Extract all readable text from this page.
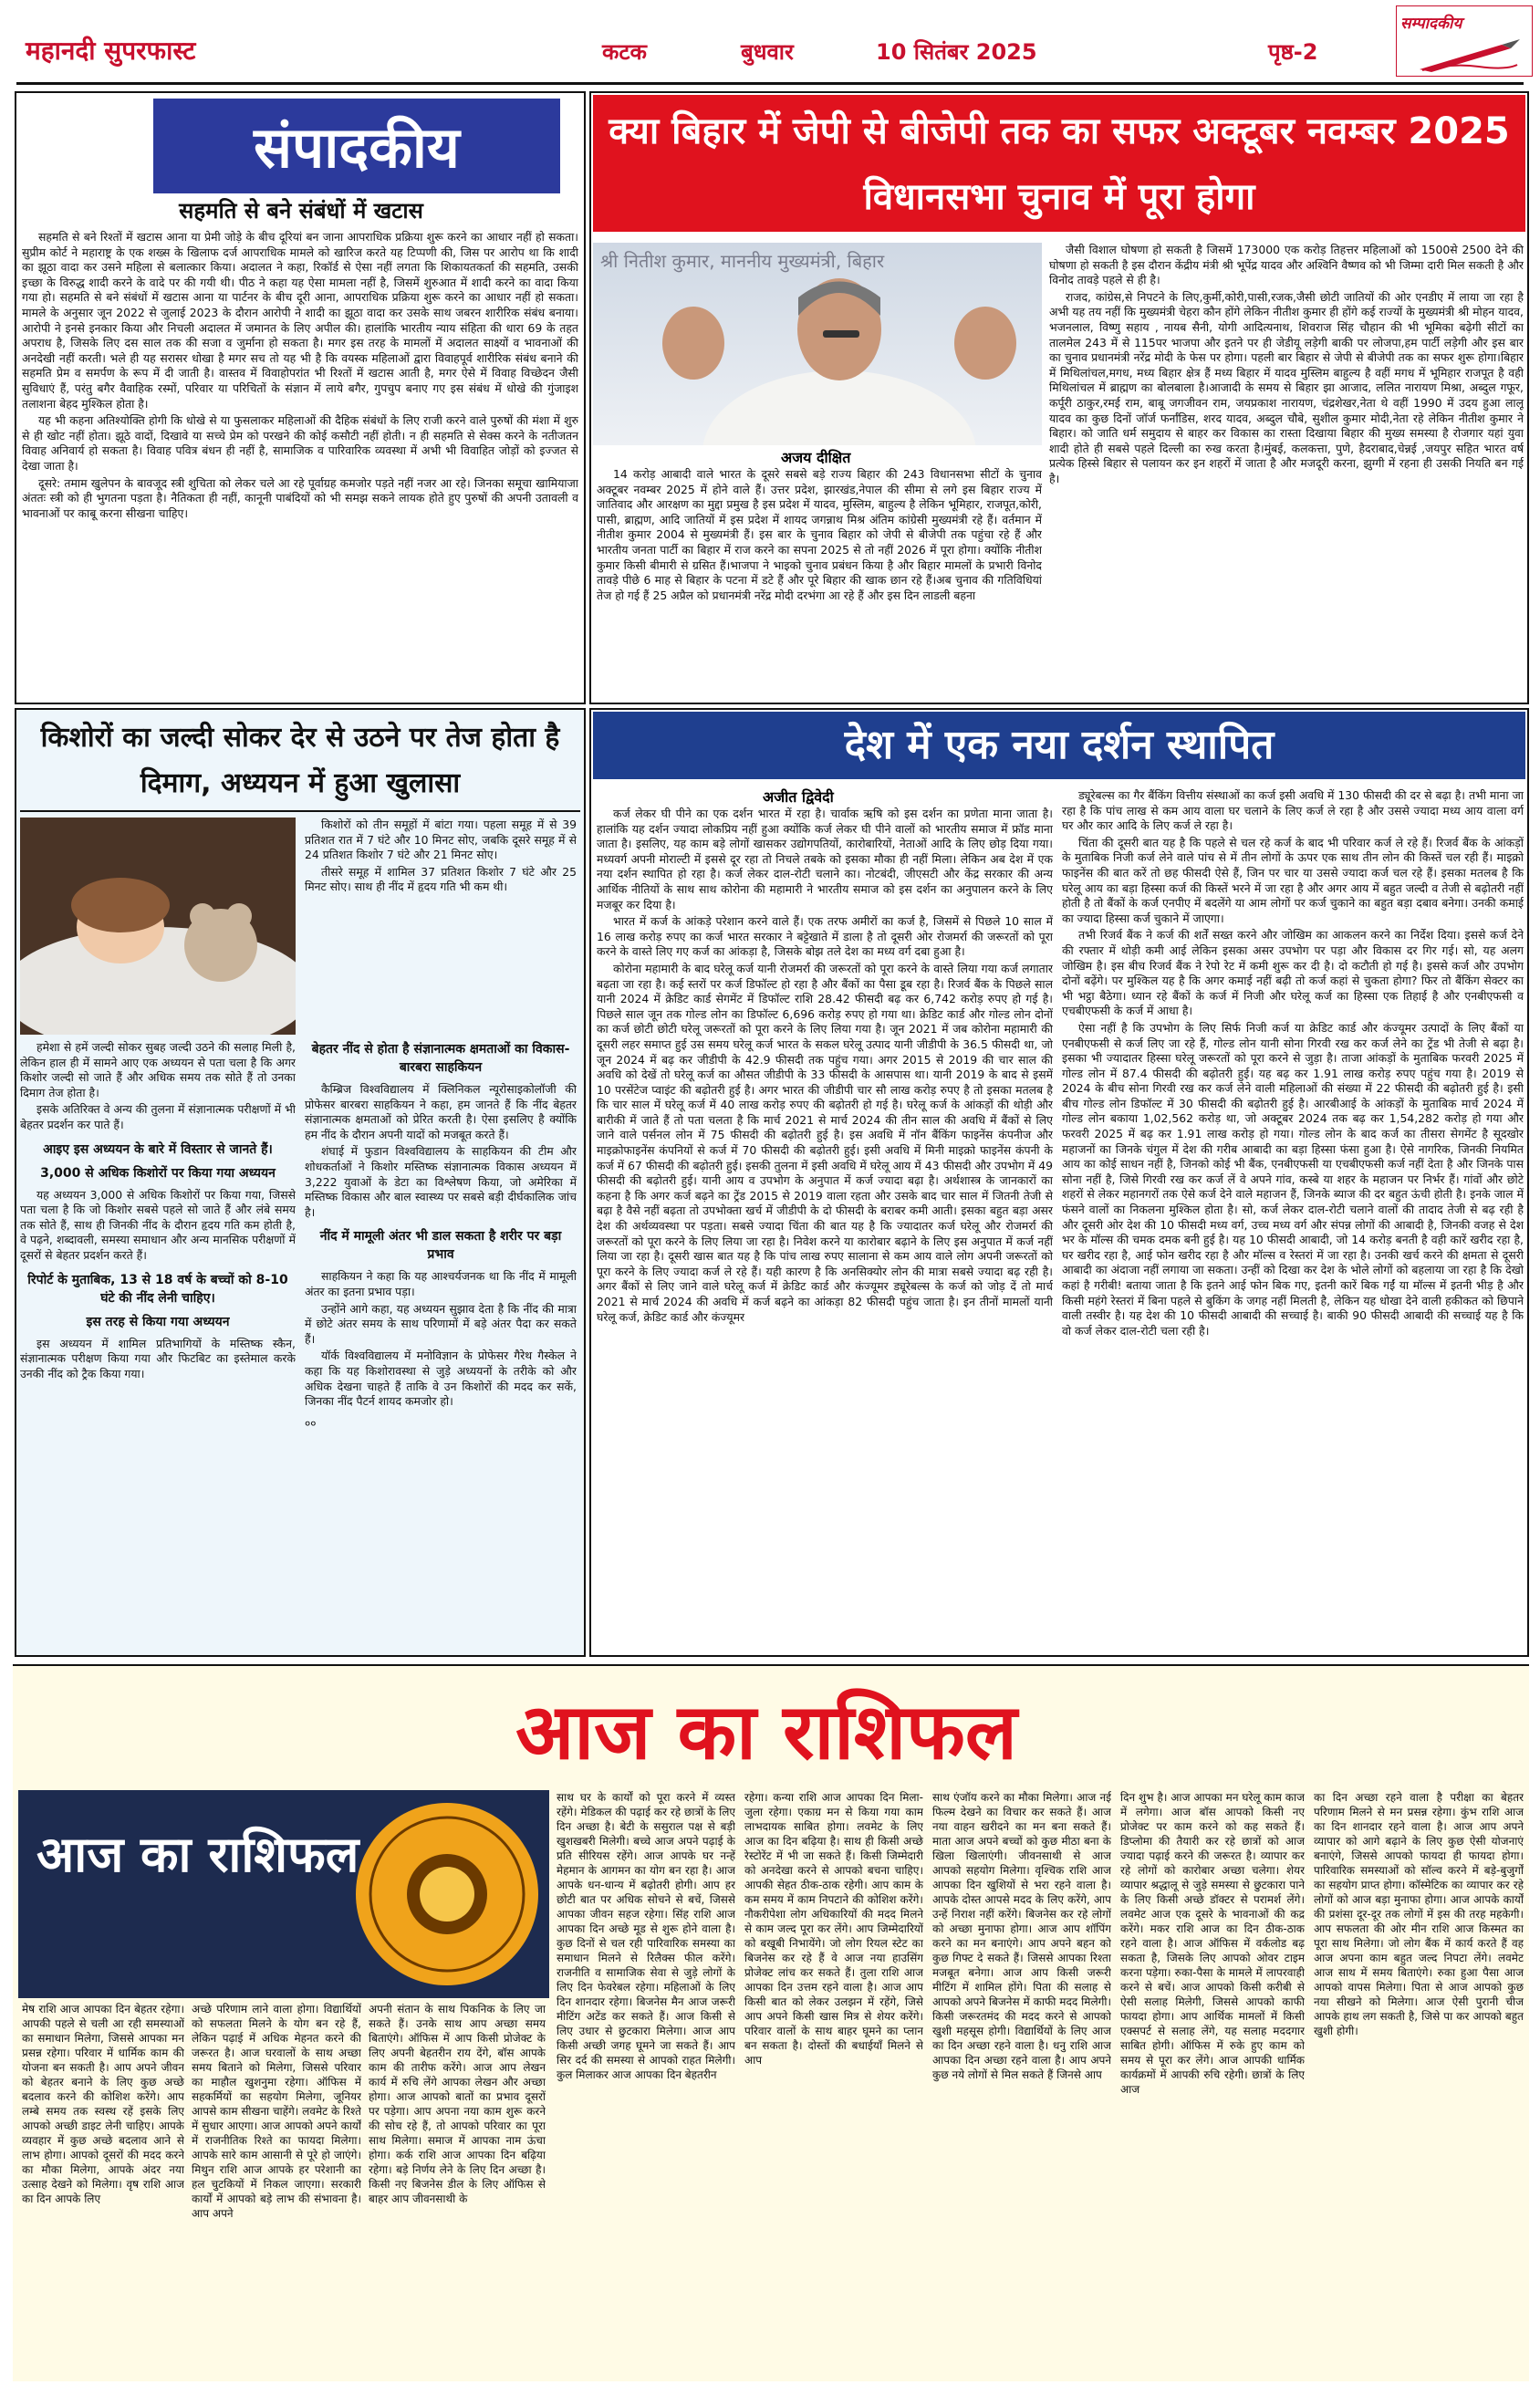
महानदी सुपरफास्ट	कटक	बुधवार	10 सितंबर 2025	पृष्ठ-2
सम्पादकीय
संपादकीय
सहमति से बने संबंधों में खटास

सहमति से बने रिश्तों में खटास आना या प्रेमी जोड़े के बीच दूरियां बन जाना आपराधिक प्रक्रिया शुरू करने का आधार नहीं हो सकता। सुप्रीम कोर्ट ने महाराष्ट्र के एक शख्स के खिलाफ दर्ज आपराधिक मामले को खारिज करते यह टिप्पणी की, जिस पर आरोप था कि शादी का झूठा वादा कर उसने महिला से बलात्कार किया। अदालत ने कहा, रिकॉर्ड से ऐसा नहीं लगता कि शिकायतकर्ता की सहमति, उसकी इच्छा के विरुद्ध शादी करने के वादे पर की गयी थी। पीठ ने कहा यह ऐसा मामला नहीं है, जिसमें शुरुआत में शादी करने का वादा किया गया हो। सहमति से बने संबंधों में खटास आना या पार्टनर के बीच दूरी आना, आपराधिक प्रक्रिया शुरू करने का आधार नहीं हो सकता। मामले के अनुसार जून 2022 से जुलाई 2023 के दौरान आरोपी ने शादी का झूठा वादा कर उसके साथ जबरन शारीरिक संबंध बनाया। आरोपी ने इनसे इनकार किया और निचली अदालत में जमानत के लिए अपील की। हालांकि भारतीय न्याय संहिता की धारा 69 के तहत अपराध है, जिसके लिए दस साल तक की सजा व जुर्माना हो सकता है। मगर इस तरह के मामलों में अदालत साक्ष्यों व भावनाओं की अनदेखी नहीं करती। भले ही यह सरासर धोखा है मगर सच तो यह भी है कि वयस्क महिलाओं द्वारा विवाहपूर्व शारीरिक संबंध बनाने की सहमति प्रेम व समर्पण के रूप में दी जाती है। वास्तव में विवाहोपरांत भी रिश्तों में खटास आती है, मगर ऐसे में विवाह विच्छेदन जैसी सुविधाएं हैं, परंतु बगैर वैवाहिक रस्मों, परिवार या परिचितों के संज्ञान में लाये बगैर, गुपचुप बनाए गए इस संबंध में धोखे की गुंजाइश तलाशना बेहद मुश्किल होता है।

यह भी कहना अतिश्योक्ति होगी कि धोखे से या फुसलाकर महिलाओं की दैहिक संबंधों के लिए राजी करने वाले पुरुषों की मंशा में शुरु से ही खोट नहीं होता। झूठे वादों, दिखावे या सच्चे प्रेम को परखने की कोई कसौटी नहीं होती। न ही सहमति से सेक्स करने के नतीजतन विवाह अनिवार्य हो सकता है। विवाह पवित्र बंधन ही नहीं है, सामाजिक व पारिवारिक व्यवस्था में अभी भी विवाहित जोड़ों को इज्जत से देखा जाता है।

दूसरे: तमाम खुलेपन के बावजूद स्त्री शुचिता को लेकर चले आ रहे पूर्वाग्रह कमजोर पड़ते नहीं नजर आ रहे। जिनका समूचा खामियाजा अंततः स्त्री को ही भुगतना पड़ता है। नैतिकता ही नहीं, कानूनी पाबंदियों को भी समझ सकने लायक होते हुए पुरुषों की अपनी उतावली व भावनाओं पर काबू करना सीखना चाहिए।

क्या बिहार में जेपी से बीजेपी तक का सफर अक्टूबर नवम्बर 2025 विधानसभा चुनाव में पूरा होगा
श्री नितीश कुमार, माननीय मुख्यमंत्री, बिहार
अजय दीक्षित

14 करोड़ आबादी वाले भारत के दूसरे सबसे बड़े राज्य बिहार की 243 विधानसभा सीटों के चुनाव अक्टूबर नवम्बर 2025 में होने वाले हैं। उत्तर प्रदेश, झारखंड,नेपाल की सीमा से लगे इस बिहार राज्य में जातिवाद और आरक्षण का मुद्दा प्रमुख है इस प्रदेश में यादव, मुस्लिम, बाहुल्य है लेकिन भूमिहार, राजपूत,कोरी, पासी, ब्राह्मण, आदि जातियों में इस प्रदेश में शायद जगन्नाथ मिश्र अंतिम कांग्रेसी मुख्यमंत्री रहे हैं। वर्तमान में नीतीश कुमार 2004 से मुख्यमंत्री हैं। इस बार के चुनाव बिहार को जेपी से बीजेपी तक पहुंचा रहे हैं और भारतीय जनता पार्टी का बिहार में राज करने का सपना 2025 से तो नहीं 2026 में पूरा होगा। क्योंकि नीतीश कुमार किसी बीमारी से ग्रसित हैं।भाजपा ने भाइको चुनाव प्रबंधन किया है और बिहार मामलों के प्रभारी विनोद तावड़े पीछे 6 माह से बिहार के पटना में डटे हैं और पूरे बिहार की खाक छान रहे हैं।अब चुनाव की गतिविधियां तेज हो गई हैं 25 अप्रैल को प्रधानमंत्री नरेंद्र मोदी दरभंगा आ रहे हैं और इस दिन लाडली बहना

जैसी विशाल घोषणा हो सकती है जिसमें 173000 एक करोड़ तिहत्तर महिलाओं को 1500से 2500 देने की घोषणा हो सकती है इस दौरान केंद्रीय मंत्री श्री भूपेंद्र यादव और अश्विनि वैष्णव को भी जिम्मा दारी मिल सकती है और विनोद तावड़े पहले से ही है।

राजद, कांग्रेस,से निपटने के लिए,कुर्मी,कोरी,पासी,रजक,जैसी छोटी जातियों की ओर एनडीए में लाया जा रहा है अभी यह तय नहीं कि मुख्यमंत्री चेहरा कौन होंगे लेकिन नीतीश कुमार ही होंगे कई राज्यों के मुख्यमंत्री श्री मोहन यादव, भजनलाल, विष्णु सहाय , नायब सैनी, योगी आदित्यनाथ, शिवराज सिंह चौहान की भी भूमिका बढ़ेगी सीटों का तालमेल 243 में से 115पर भाजपा और इतने पर ही जेडीयू लड़ेगी बाकी पर लोजपा,हम पार्टी लड़ेगी और इस बार का चुनाव प्रधानमंत्री नरेंद्र मोदी के फेस पर होगा। पहली बार बिहार से जेपी से बीजेपी तक का सफर शुरू होगा।बिहार में मिथिलांचल,मगध, मध्य बिहार क्षेत्र हैं मध्य बिहार में यादव मुस्लिम बाहुल्य है वहीं मगध में भूमिहार राजपूत है वही मिथिलांचल में ब्राह्मण का बोलबाला है।आजादी के समय से बिहार झा आजाद, ललित नारायण मिश्रा, अब्दुल गफूर, कर्पूरी ठाकुर,रमई राम, बाबू जगजीवन राम, जयप्रकाश नारायण, चंद्रशेखर,नेता थे वहीं 1990 में उदय हुआ लालू यादव का कुछ दिनों जॉर्ज फर्नांडिस, शरद यादव, अब्दुल चौबे, सुशील कुमार मोदी,नेता रहे लेकिन नीतीश कुमार ने बिहार। को जाति धर्म समुदाय से बाहर कर विकास का रास्ता दिखाया बिहार की मुख्य समस्या है रोजगार यहां युवा शादी होते ही सबसे पहले दिल्ली का रुख करता है।मुंबई, कलकत्ता, पुणे, हैदराबाद,चेन्नई ,जयपुर सहित भारत वर्ष प्रत्येक हिस्से बिहार से पलायन कर इन शहरों में जाता है और मजदूरी करना, झुग्गी में रहना ही उसकी नियति बन गई है।

किशोरों का जल्दी सोकर देर से उठने पर तेज होता है दिमाग, अध्ययन में हुआ खुलासा

किशोरों को तीन समूहों में बांटा गया। पहला समूह में से 39 प्रतिशत रात में 7 घंटे और 10 मिनट सोए, जबकि दूसरे समूह में से 24 प्रतिशत किशोर 7 घंटे और 21 मिनट सोए।

तीसरे समूह में शामिल 37 प्रतिशत किशोर 7 घंटे और 25 मिनट सोए। साथ ही नींद में हृदय गति भी कम थी।

हमेशा से हमें जल्दी सोकर सुबह जल्दी उठने की सलाह मिली है, लेकिन हाल ही में सामने आए एक अध्ययन से पता चला है कि अगर किशोर जल्दी सो जाते हैं और अधिक समय तक सोते हैं तो उनका दिमाग तेज होता है।

इसके अतिरिक्त वे अन्य की तुलना में संज्ञानात्मक परीक्षणों में भी बेहतर प्रदर्शन कर पाते हैं।

आइए इस अध्ययन के बारे में विस्तार से जानते हैं।
3,000 से अधिक किशोरों पर किया गया अध्ययन

यह अध्ययन 3,000 से अधिक किशोरों पर किया गया, जिससे पता चला है कि जो किशोर सबसे पहले सो जाते हैं और लंबे समय तक सोते हैं, साथ ही जिनकी नींद के दौरान हृदय गति कम होती है, वे पढ़ने, शब्दावली, समस्या समाधान और अन्य मानसिक परीक्षणों में दूसरों से बेहतर प्रदर्शन करते हैं।

रिपोर्ट के मुताबिक, 13 से 18 वर्ष के बच्चों को 8-10 घंटे की नींद लेनी चाहिए।
इस तरह से किया गया अध्ययन

इस अध्ययन में शामिल प्रतिभागियों के मस्तिष्क स्कैन, संज्ञानात्मक परीक्षण किया गया और फिटबिट का इस्तेमाल करके उनकी नींद को ट्रैक किया गया।

बेहतर नींद से होता है संज्ञानात्मक क्षमताओं का विकास- बारबरा साहकियन

कैम्ब्रिज विश्वविद्यालय में क्लिनिकल न्यूरोसाइकोलॉजी की प्रोफेसर बारबरा साहकियन ने कहा, हम जानते हैं कि नींद बेहतर संज्ञानात्मक क्षमताओं को प्रेरित करती है। ऐसा इसलिए है क्योंकि हम नींद के दौरान अपनी यादों को मजबूत करते हैं।

शंघाई में फुडान विश्वविद्यालय के साहकियन की टीम और शोधकर्ताओं ने किशोर मस्तिष्क संज्ञानात्मक विकास अध्ययन में 3,222 युवाओं के डेटा का विश्लेषण किया, जो अमेरिका में मस्तिष्क विकास और बाल स्वास्थ्य पर सबसे बड़ी दीर्घकालिक जांच है।

नींद में मामूली अंतर भी डाल सकता है शरीर पर बड़ा प्रभाव

साहकियन ने कहा कि यह आश्चर्यजनक था कि नींद में मामूली अंतर का इतना प्रभाव पड़ा।

उन्होंने आगे कहा, यह अध्ययन सुझाव देता है कि नींद की मात्रा में छोटे अंतर समय के साथ परिणामों में बड़े अंतर पैदा कर सकते हैं।

यॉर्क विश्वविद्यालय में मनोविज्ञान के प्रोफेसर गैरेथ गैस्केल ने कहा कि यह किशोरावस्था से जुड़े अध्ययनों के तरीके को और अधिक देखना चाहते हैं ताकि वे उन किशोरों की मदद कर सकें, जिनका नींद पैटर्न शायद कमजोर हो।

००
देश में एक नया दर्शन स्थापित
अजीत द्विवेदी

कर्ज लेकर घी पीने का एक दर्शन भारत में रहा है। चार्वाक ऋषि को इस दर्शन का प्रणेता माना जाता है। हालांकि यह दर्शन ज्यादा लोकप्रिय नहीं हुआ क्योंकि कर्ज लेकर घी पीने वालों को भारतीय समाज में फ्रॉड माना जाता है। इसलिए, यह काम बड़े लोगों खासकर उद्योगपतियों, कारोबारियों, नेताओं आदि के लिए छोड़ दिया गया। मध्यवर्ग अपनी मोराल्टी में इससे दूर रहा तो निचले तबके को इसका मौका ही नहीं मिला। लेकिन अब देश में एक नया दर्शन स्थापित हो रहा है। कर्ज लेकर दाल-रोटी चलाने का। नोटबंदी, जीएसटी और केंद्र सरकार की अन्य आर्थिक नीतियों के साथ साथ कोरोना की महामारी ने भारतीय समाज को इस दर्शन का अनुपालन करने के लिए मजबूर कर दिया है।

भारत में कर्ज के आंकड़े परेशान करने वाले हैं। एक तरफ अमीरों का कर्ज है, जिसमें से पिछले 10 साल में 16 लाख करोड़ रुपए का कर्ज भारत सरकार ने बट्टेखाते में डाला है तो दूसरी ओर रोजमर्रा की जरूरतों को पूरा करने के वास्ते लिए गए कर्ज का आंकड़ा है, जिसके बोझ तले देश का मध्य वर्ग दबा हुआ है।

कोरोना महामारी के बाद घरेलू कर्ज यानी रोजमर्रा की जरूरतों को पूरा करने के वास्ते लिया गया कर्ज लगातार बढ़ता जा रहा है। कई स्तरों पर कर्ज डिफॉल्ट हो रहा है और बैंकों का पैसा डूब रहा है। रिजर्व बैंक के पिछले साल यानी 2024 में क्रेडिट कार्ड सेगमेंट में डिफॉल्ट राशि 28.42 फीसदी बढ़ कर 6,742 करोड़ रुपए हो गई है। पिछले साल जून तक गोल्ड लोन का डिफॉल्ट 6,696 करोड़ रुपए हो गया था। क्रेडिट कार्ड और गोल्ड लोन दोनों का कर्ज छोटी छोटी घरेलू जरूरतों को पूरा करने के लिए लिया गया है। जून 2021 में जब कोरोना महामारी की दूसरी लहर समाप्त हुई उस समय घरेलू कर्ज भारत के सकल घरेलू उत्पाद यानी जीडीपी के 36.5 फीसदी था, जो जून 2024 में बढ़ कर जीडीपी के 42.9 फीसदी तक पहुंच गया। अगर 2015 से 2019 की चार साल की अवधि को देखें तो घरेलू कर्ज का औसत जीडीपी के 33 फीसदी के आसपास था। यानी 2019 के बाद से इसमें 10 परसेंटेज प्वाइंट की बढ़ोतरी हुई है। अगर भारत की जीडीपी चार सौ लाख करोड़ रुपए है तो इसका मतलब है कि चार साल में घरेलू कर्ज में 40 लाख करोड़ रुपए की बढ़ोतरी हो गई है। घरेलू कर्ज के आंकड़ों की थोड़ी और बारीकी में जाते हैं तो पता चलता है कि मार्च 2021 से मार्च 2024 की तीन साल की अवधि में बैंकों से लिए जाने वाले पर्सनल लोन में 75 फीसदी की बढ़ोतरी हुई है। इस अवधि में नॉन बैंकिंग फाइनेंस कंपनीज और माइक्रोफाइनेंस कंपनियों से कर्ज में 70 फीसदी की बढ़ोतरी हुई। इसी अवधि में मिनी माइक्रो फाइनेंस कंपनी के कर्ज में 67 फीसदी की बढ़ोतरी हुई। इसकी तुलना में इसी अवधि में घरेलू आय में 43 फीसदी और उपभोग में 49 फीसदी की बढ़ोतरी हुई। यानी आय व उपभोग के अनुपात में कर्ज ज्यादा बढ़ा है। अर्थशास्त्र के जानकारों का कहना है कि अगर कर्ज बढ़ने का ट्रेंड 2015 से 2019 वाला रहता और उसके बाद चार साल में जितनी तेजी से बढ़ा है वैसे नहीं बढ़ता तो उपभोक्ता खर्च में जीडीपी के दो फीसदी के बराबर कमी आती। इसका बहुत बड़ा असर देश की अर्थव्यवस्था पर पड़ता। सबसे ज्यादा चिंता की बात यह है कि ज्यादातर कर्ज घरेलू और रोजमर्रा की जरूरतों को पूरा करने के लिए लिया जा रहा है। निवेश करने या कारोबार बढ़ाने के लिए इस अनुपात में कर्ज नहीं लिया जा रहा है। दूसरी खास बात यह है कि पांच लाख रुपए सालाना से कम आय वाले लोग अपनी जरूरतों को पूरा करने के लिए ज्यादा कर्ज ले रहे हैं। यही कारण है कि अनसिक्योर लोन की मात्रा सबसे ज्यादा बढ़ रही है। अगर बैंकों से लिए जाने वाले घरेलू कर्ज में क्रेडिट कार्ड और कंज्यूमर ड्यूरेबल्स के कर्ज को जोड़ दें तो मार्च 2021 से मार्च 2024 की अवधि में कर्ज बढ़ने का आंकड़ा 82 फीसदी पहुंच जाता है। इन तीनों मामलों यानी घरेलू कर्ज, क्रेडिट कार्ड और कंज्यूमर

ड्यूरेबल्स का गैर बैंकिंग वित्तीय संस्थाओं का कर्ज इसी अवधि में 130 फीसदी की दर से बढ़ा है। तभी माना जा रहा है कि पांच लाख से कम आय वाला घर चलाने के लिए कर्ज ले रहा है और उससे ज्यादा मध्य आय वाला वर्ग घर और कार आदि के लिए कर्ज ले रहा है।

चिंता की दूसरी बात यह है कि पहले से चल रहे कर्ज के बाद भी परिवार कर्ज ले रहे हैं। रिजर्व बैंक के आंकड़ों के मुताबिक निजी कर्ज लेने वाले पांच से में तीन लोगों के ऊपर एक साथ तीन लोन की किस्तें चल रही हैं। माइक्रो फाइनेंस की बात करें तो छह फीसदी ऐसे हैं, जिन पर चार या उससे ज्यादा कर्ज चल रहे हैं। इसका मतलब है कि घरेलू आय का बड़ा हिस्सा कर्ज की किस्तें भरने में जा रहा है और अगर आय में बहुत जल्दी व तेजी से बढ़ोतरी नहीं होती है तो बैंकों के कर्ज एनपीए में बदलेंगे या आम लोगों पर कर्ज चुकाने का बहुत बड़ा दबाव बनेगा। उनकी कमाई का ज्यादा हिस्सा कर्ज चुकाने में जाएगा।

तभी रिजर्व बैंक ने कर्ज की शर्तें सख्त करने और जोखिम का आकलन करने का निर्देश दिया। इससे कर्ज देने की रफ्तार में थोड़ी कमी आई लेकिन इसका असर उपभोग पर पड़ा और विकास दर गिर गई। सो, यह अलग जोखिम है। इस बीच रिजर्व बैंक ने रेपो रेट में कमी शुरू कर दी है। दो कटौती हो गई है। इससे कर्ज और उपभोग दोनों बढ़ेंगे। पर मुश्किल यह है कि अगर कमाई नहीं बढ़ी तो कर्ज कहां से चुकता होगा? फिर तो बैंकिंग सेक्टर का भी भट्ठा बैठेगा। ध्यान रहे बैंकों के कर्ज में निजी और घरेलू कर्ज का हिस्सा एक तिहाई है और एनबीएफसी व एचबीएफसी के कर्ज में आधा है।

ऐसा नहीं है कि उपभोग के लिए सिर्फ निजी कर्ज या क्रेडिट कार्ड और कंज्यूमर उत्पादों के लिए बैंकों या एनबीएफसी से कर्ज लिए जा रहे हैं, गोल्ड लोन यानी सोना गिरवी रख कर कर्ज लेने का ट्रेंड भी तेजी से बढ़ा है। इसका भी ज्यादातर हिस्सा घरेलू जरूरतों को पूरा करने से जुड़ा है। ताजा आंकड़ों के मुताबिक फरवरी 2025 में गोल्ड लोन में 87.4 फीसदी की बढ़ोतरी हुई। यह बढ़ कर 1.91 लाख करोड़ रुपए पहुंच गया है। 2019 से 2024 के बीच सोना गिरवी रख कर कर्ज लेने वाली महिलाओं की संख्या में 22 फीसदी की बढ़ोतरी हुई है। इसी बीच गोल्ड लोन डिफॉल्ट में 30 फीसदी की बढ़ोतरी हुई है। आरबीआई के आंकड़ों के मुताबिक मार्च 2024 में गोल्ड लोन बकाया 1,02,562 करोड़ था, जो अक्टूबर 2024 तक बढ़ कर 1,54,282 करोड़ हो गया और फरवरी 2025 में बढ़ कर 1.91 लाख करोड़ हो गया। गोल्ड लोन के बाद कर्ज का तीसरा सेगमेंट है सूदखोर महाजनों का जिनके चंगुल में देश की गरीब आबादी का बड़ा हिस्सा फंसा हुआ है। ऐसे नागरिक, जिनकी नियमित आय का कोई साधन नहीं है, जिनको कोई भी बैंक, एनबीएफसी या एचबीएफसी कर्ज नहीं देता है और जिनके पास सोना नहीं है, जिसे गिरवी रख कर कर्ज लें वे अपने गांव, कस्बे या शहर के महाजन पर निर्भर हैं। गांवों और छोटे शहरों से लेकर महानगरों तक ऐसे कर्ज देने वाले महाजन हैं, जिनके ब्याज की दर बहुत ऊंची होती है। इनके जाल में फंसने वालों का निकलना मुश्किल होता है। सो, कर्ज लेकर दाल-रोटी चलाने वालों की तादाद तेजी से बढ़ रही है और दूसरी ओर देश की 10 फीसदी मध्य वर्ग, उच्च मध्य वर्ग और संपन्न लोगों की आबादी है, जिनकी वजह से देश भर के मॉल्स की चमक दमक बनी हुई है। यह 10 फीसदी आबादी, जो 14 करोड़ बनती है वही कारें खरीद रहा है, घर खरीद रहा है, आई फोन खरीद रहा है और मॉल्स व रेस्तरां में जा रहा है। उनकी खर्च करने की क्षमता से दूसरी आबादी का अंदाजा नहीं लगाया जा सकता। उन्हीं को दिखा कर देश के भोले लोगों को बहलाया जा रहा है कि देखो कहां है गरीबी! बताया जाता है कि इतने आई फोन बिक गए, इतनी कारें बिक गईं या मॉल्स में इतनी भीड़ है और किसी महंगे रेस्तरां में बिना पहले से बुकिंग के जगह नहीं मिलती है, लेकिन यह धोखा देने वाली हकीकत को छिपाने वाली तस्वीर है। यह देश की 10 फीसदी आबादी की सच्चाई है। बाकी 90 फीसदी आबादी की सच्चाई यह है कि वो कर्ज लेकर दाल-रोटी चला रही है।

आज का राशिफल
आज का राशिफल
मेष राशि आज आपका दिन बेहतर रहेगा। आपकी पहले से चली आ रही समस्याओं का समाधान मिलेगा, जिससे आपका मन प्रसन्न रहेगा। परिवार में धार्मिक काम की योजना बन सकती है। आप अपने जीवन को बेहतर बनाने के लिए कुछ अच्छे बदलाव करने की कोशिश करेंगे। आप लम्बे समय तक स्वस्थ रहें इसके लिए आपको अच्छी डाइट लेनी चाहिए। आपके व्यवहार में कुछ अच्छे बदलाव आने से लाभ होगा। आपको दूसरों की मदद करने का मौका मिलेगा, आपके अंदर नया उत्साह देखने को मिलेगा। वृष राशि आज का दिन आपके लिए
अच्छे परिणाम लाने वाला होगा। विद्यार्थियों को सफलता मिलने के योग बन रहे हैं, लेकिन पढ़ाई में अधिक मेहनत करने की जरूरत है। आज घरवालों के साथ अच्छा समय बिताने को मिलेगा, जिससे परिवार का माहौल खुशनुमा रहेगा। ऑफिस में सहकर्मियों का सहयोग मिलेगा, जूनियर आपसे काम सीखना चाहेंगे। लवमेट के रिश्ते में सुधार आएगा। आज आपको अपने कार्यों में राजनीतिक रिश्ते का फायदा मिलेगा। आपके सारे काम आसानी से पूरे हो जाएंगे। मिथुन राशि आज आपके हर परेशानी का हल चुटकियों में निकल जाएगा। सरकारी कार्यों में आपको बड़े लाभ की संभावना है। आप अपने
अपनी संतान के साथ पिकनिक के लिए जा सकते हैं। उनके साथ आप अच्छा समय बिताएंगे। ऑफिस में आप किसी प्रोजेक्ट के लिए अपनी बेहतरीन राय देंगे, बॉस आपके काम की तारीफ करेंगे। आज आप लेखन कार्य में रुचि लेंगे आपका लेखन और अच्छा होगा। आज आपको बातों का प्रभाव दूसरों पर पड़ेगा। आप अपना नया काम शुरू करने की सोच रहे हैं, तो आपको परिवार का पूरा साथ मिलेगा। समाज में आपका नाम ऊंचा होगा। कर्क राशि आज आपका दिन बढ़िया रहेगा। बड़े निर्णय लेने के लिए दिन अच्छा है। किसी नए बिजनेस डील के लिए ऑफिस से बाहर आप जीवनसाथी के
साथ घर के कार्यों को पूरा करने में व्यस्त रहेंगे। मेडिकल की पढ़ाई कर रहे छात्रों के लिए दिन अच्छा है। बेटी के ससुराल पक्ष से बड़ी खुशखबरी मिलेगी। बच्चे आज अपने पढ़ाई के प्रति सीरियस रहेंगे। आज आपके घर नन्हें मेहमान के आगमन का योग बन रहा है। आज आपके धन-धान्य में बढ़ोतरी होगी। आप हर छोटी बात पर अधिक सोचने से बचें, जिससे आपका जीवन सहज रहेगा। सिंह राशि आज आपका दिन अच्छे मूड से शुरू होने वाला है। कुछ दिनों से चल रही पारिवारिक समस्या का समाधान मिलने से रिलैक्स फील करेंगे। राजनीति व सामाजिक सेवा से जुड़े लोगों के लिए दिन फेवरेबल रहेगा। महिलाओं के लिए दिन शानदार रहेगा। बिजनेस मैन आज जरूरी मीटिंग अटेंड कर सकते हैं। आज किसी से लिए उधार से छुटकारा मिलेगा। आज आप किसी अच्छी जगह घूमने जा सकते हैं। आप सिर दर्द की समस्या से आपको राहत मिलेगी। कुल मिलाकर आज आपका दिन बेहतरीन
रहेगा। कन्या राशि आज आपका दिन मिला-जुला रहेगा। एकाग्र मन से किया गया काम लाभदायक साबित होगा। लवमेट के लिए आज का दिन बढ़िया है। साथ ही किसी अच्छे रेस्टोरेंट में भी जा सकते हैं। किसी जिम्मेदारी को अनदेखा करने से आपको बचना चाहिए। आपकी सेहत ठीक-ठाक रहेगी। आप काम के कम समय में काम निपटाने की कोशिश करेंगे। नौकरीपेशा लोग अधिकारियों की मदद मिलने से काम जल्द पूरा कर लेंगे। आप जिम्मेदारियों को बखूबी निभायेंगे। जो लोग रियल स्टेट का बिजनेस कर रहे हैं वे आज नया हाउसिंग प्रोजेक्ट लांच कर सकते हैं। तुला राशि आज आपका दिन उत्तम रहने वाला है। आज आप किसी बात को लेकर उलझन में रहेंगे, जिसे आप अपने किसी खास मित्र से शेयर करेंगे। परिवार वालों के साथ बाहर घूमने का प्लान बन सकता है। दोस्तों की बधाईयाँ मिलने से आप
साथ एंजॉय करने का मौका मिलेगा। आज नई फिल्म देखने का विचार कर सकते हैं। आज नया वाहन खरीदने का मन बना सकते हैं। माता आज अपने बच्चों को कुछ मीठा बना के खिला खिलाएंगी। जीवनसाथी से आज आपको सहयोग मिलेगा। वृश्चिक राशि आज आपका दिन खुशियों से भरा रहने वाला है। आपके दोस्त आपसे मदद के लिए करेंगे, आप उन्हें निराश नहीं करेंगे। बिजनेस कर रहे लोगों को अच्छा मुनाफा होगा। आज आप शॉपिंग करने का मन बनाएंगे। आप अपने बहन को कुछ गिफ्ट दे सकते हैं। जिससे आपका रिश्ता मजबूत बनेगा। आज आप किसी जरूरी मीटिंग में शामिल होंगे। पिता की सलाह से आपको अपने बिजनेस में काफी मदद मिलेगी। किसी जरूरतमंद की मदद करने से आपको खुशी महसूस होगी। विद्यार्थियों के लिए आज का दिन अच्छा रहने वाला है। धनु राशि आज आपका दिन अच्छा रहने वाला है। आप अपने कुछ नये लोगों से मिल सकते हैं जिनसे आप
दिन शुभ है। आज आपका मन घरेलू काम काज में लगेगा। आज बॉस आपको किसी नए प्रोजेक्ट पर काम करने को कह सकते हैं। डिप्लोमा की तैयारी कर रहे छात्रों को आज ज्यादा पढ़ाई करने की जरूरत है। व्यापार कर रहे लोगों को कारोबार अच्छा चलेगा। शेयर व्यापार श्रद्धालू से जुड़े समस्या से छुटकारा पाने के लिए किसी अच्छे डॉक्टर से परामर्श लेंगे। लवमेट आज एक दूसरे के भावनाओं की कद्र करेंगे। मकर राशि आज का दिन ठीक-ठाक रहने वाला है। आज ऑफिस में वर्कलोड बढ़ सकता है, जिसके लिए आपको ओवर टाइम करना पड़ेगा। रुका-पैसा के मामले में लापरवाही करने से बचें। आज आपको किसी करीबी से ऐसी सलाह मिलेगी, जिससे आपको काफी फायदा होगा। आप आर्थिक मामलों में किसी एक्सपर्ट से सलाह लेंगे, यह सलाह मददगार साबित होगी। ऑफिस में रुके हुए काम को समय से पूरा कर लेंगे। आज आपकी धार्मिक कार्यक्रमों में आपकी रुचि रहेगी। छात्रों के लिए आज
का दिन अच्छा रहने वाला है परीक्षा का बेहतर परिणाम मिलने से मन प्रसन्न रहेगा। कुंभ राशि आज का दिन शानदार रहने वाला है। आज आप अपने व्यापार को आगे बढ़ाने के लिए कुछ ऐसी योजनाएं बनाएंगे, जिससे आपको फायदा ही फायदा होगा। पारिवारिक समस्याओं को सॉल्व करने में बड़े-बुजुर्गों का सहयोग प्राप्त होगा। कॉस्मेटिक का व्यापार कर रहे लोगों को आज बड़ा मुनाफा होगा। आज आपके कार्यों की प्रशंसा दूर-दूर तक लोगों में इस की तरह महकेगी। आप सफलता की ओर मीन राशि आज किस्मत का पूरा साथ मिलेगा। जो लोग बैंक में कार्य करते हैं वह आज अपना काम बहुत जल्द निपटा लेंगे। लवमेट आज साथ में समय बिताएंगे। रुका हुआ पैसा आज आपको वापस मिलेगा। पिता से आज आपको कुछ नया सीखने को मिलेगा। आज ऐसी पुरानी चीज आपके हाथ लग सकती है, जिसे पा कर आपको बहुत खुशी होगी।
